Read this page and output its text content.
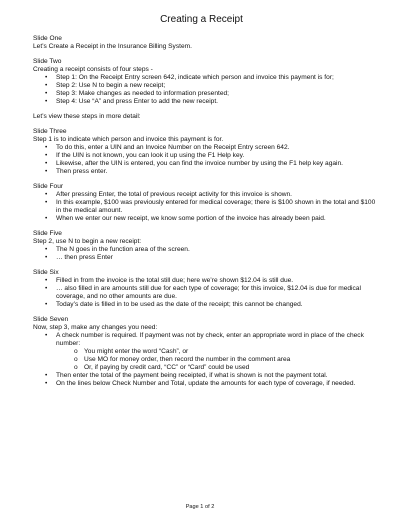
Creating a Receipt
Slide One
Let’s Create a Receipt in the Insurance Billing System.
Slide Two
Creating a receipt consists of four steps -
• Step 1: On the Receipt Entry screen 642, indicate which person and invoice this payment is for;
• Step 2: Use N to begin a new receipt;
• Step 3: Make changes as needed to information presented;
• Step 4: Use “A” and press Enter to add the new receipt.
Let’s view these steps in more detail:
Slide Three
Step 1 is to indicate which person and invoice this payment is for.
• To do this, enter a UIN and an Invoice Number on the Receipt Entry screen 642.
• If the UIN is not known, you can look it up using the F1 Help key.
• Likewise, after the UIN is entered, you can find the invoice number by using the F1 help key again.
• Then press enter.
Slide Four
• After pressing Enter, the total of previous receipt activity for this invoice is shown.
• In this example, $100 was previously entered for medical coverage; there is $100 shown in the total and $100 in the medical amount.
• When we enter our new receipt, we know some portion of the invoice has already been paid.
Slide Five
Step 2, use N to begin a new receipt:
• The N goes in the function area of the screen.
• … then press Enter
Slide Six
• Filled in from the invoice is the total still due; here we’re shown $12.04 is still due.
• … also filled in are amounts still due for each type of coverage; for this invoice, $12.04 is due for medical coverage, and no other amounts are due.
• Today’s date is filled in to be used as the date of the receipt; this cannot be changed.
Slide Seven
Now, step 3, make any changes you need:
• A check number is required. If payment was not by check, enter an appropriate word in place of the check number:
o You might enter the word “Cash”, or
o Use MO for money order, then record the number in the comment area
o Or, if paying by credit card, “CC” or “Card” could be used
• Then enter the total of the payment being receipted, if what is shown is not the payment total.
• On the lines below Check Number and Total, update the amounts for each type of coverage, if needed.
Page 1 of 2
